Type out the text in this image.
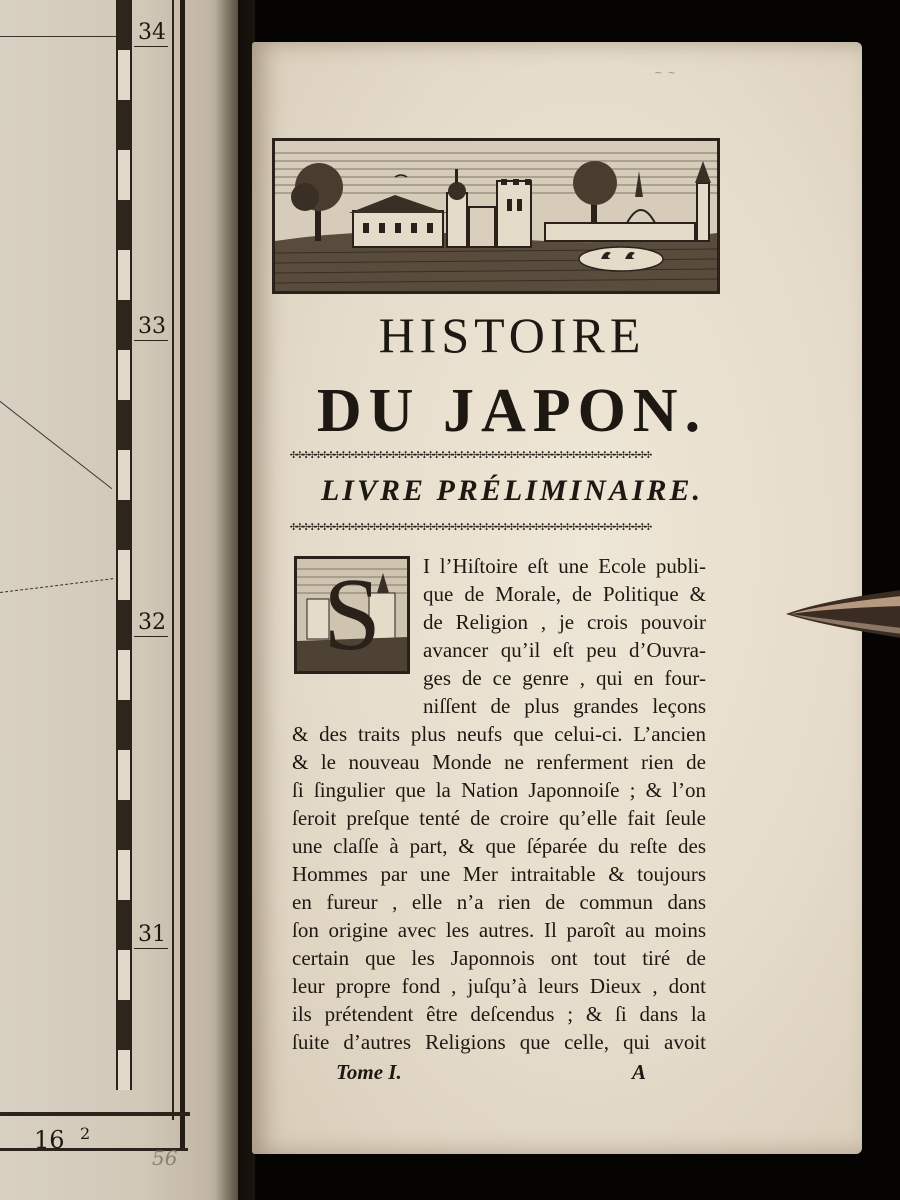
34
33
32
31
16 2
56
~ ~
HISTOIRE
DU JAPON.
✣✣✣✣✣✣✣✣✣✣✣✣✣✣✣✣✣✣✣✣✣✣✣✣✣✣✣✣✣✣✣✣✣✣✣✣✣✣✣✣✣✣✣✣✣✣✣✣✣✣✣✣✣✣✣✣✣✣
LIVRE PRÉLIMINAIRE.
✣✣✣✣✣✣✣✣✣✣✣✣✣✣✣✣✣✣✣✣✣✣✣✣✣✣✣✣✣✣✣✣✣✣✣✣✣✣✣✣✣✣✣✣✣✣✣✣✣✣✣✣✣✣✣✣✣✣
S	I l’Hiſtoire eſt une Ecole publi-
que de Morale, de Politique &
de Religion , je crois pouvoir
avancer qu’il eſt peu d’Ouvra-
ges de ce genre , qui en four-
niſſent de plus grandes leçons
& des traits plus neufs que celui-ci. L’ancien
& le nouveau Monde ne renferment rien de
ſi ſingulier que la Nation Japonnoiſe ; & l’on
ſeroit preſque tenté de croire qu’elle fait ſeule
une claſſe à part, & que ſéparée du reſte des
Hommes par une Mer intraitable & toujours
en fureur , elle n’a rien de commun dans
ſon origine avec les autres. Il paroît au moins
certain que les Japonnois ont tout tiré de
leur propre fond , juſqu’à leurs Dieux , dont
ils prétendent être deſcendus ; & ſi dans la
ſuite d’autres Religions que celle, qui avoit
Tome I.	A
